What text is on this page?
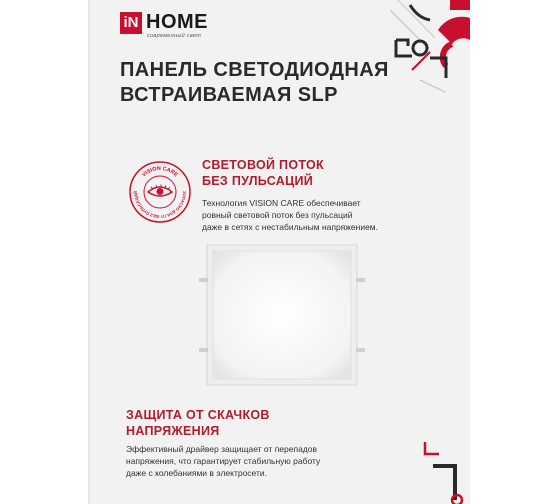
iN HOME
современный свет
ПАНЕЛЬ СВЕТОДИОДНАЯ
ВСТРАИВАЕМАЯ SLP
VISION CARE
БЕЗ ПУЛЬСАЦИЙ	ЗОПАСНО ДЛЯ ГЛ
СВЕТОВОЙ ПОТОК
БЕЗ ПУЛЬСАЦИЙ
Технология VISION CARE обеспечивает
ровный световой поток без пульсаций
даже в сетях с нестабильным напряжением.
ЗАЩИТА ОТ СКАЧКОВ
НАПРЯЖЕНИЯ
Эффективный драйвер защищает от перепадов
напряжения, что гарантирует стабильную работу
даже с колебаниями в электросети.
